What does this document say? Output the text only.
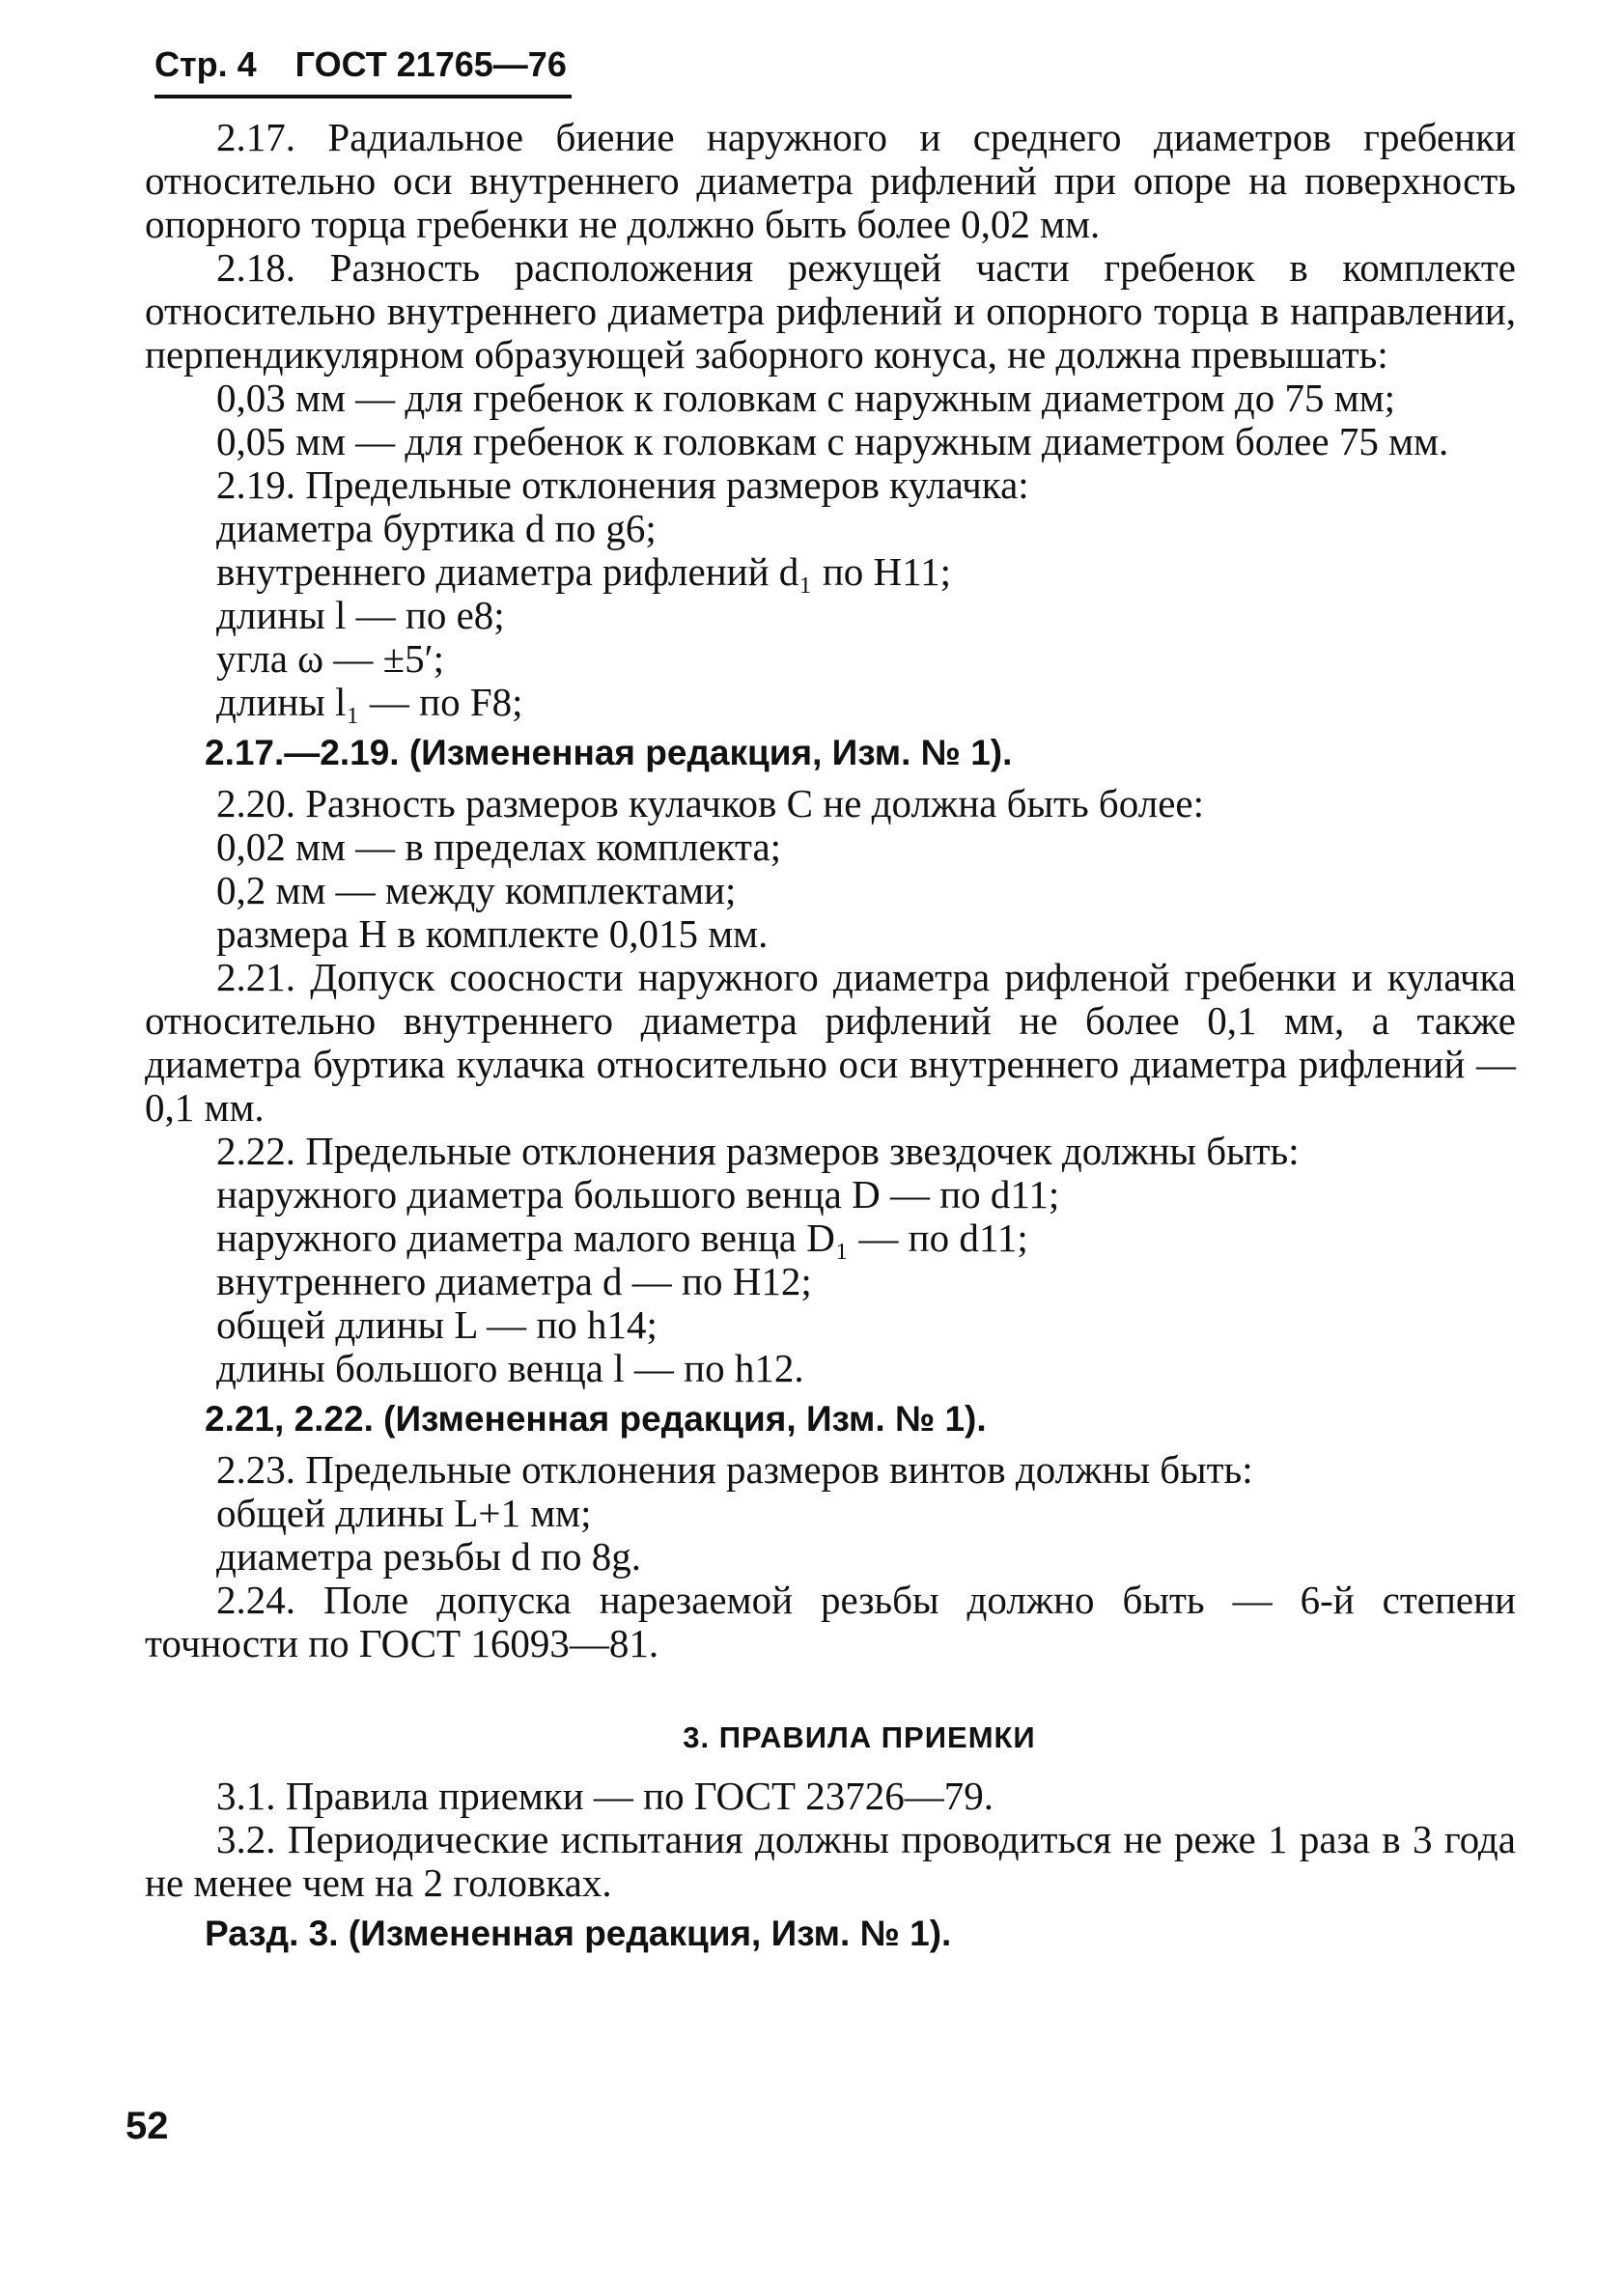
Стр. 4 ГОСТ 21765—76

2.17. Радиальное биение наружного и среднего диаметров гребенки относительно оси внутреннего диаметра рифлений при опоре на поверхность опорного торца гребенки не должно быть более 0,02 мм.

2.18. Разность расположения режущей части гребенок в комплекте относительно внутреннего диаметра рифлений и опорного торца в направлении, перпендикулярном образующей заборного конуса, не должна превышать:

0,03 мм — для гребенок к головкам с наружным диаметром до 75 мм;

0,05 мм — для гребенок к головкам с наружным диаметром более 75 мм.

2.19. Предельные отклонения размеров кулачка:

диаметра буртика d по g6;

внутреннего диаметра рифлений d₁ по H11;

длины l — по e8;

угла ω — ±5′;

длины l₁ — по F8;

2.17.—2.19. (Измененная редакция, Изм. № 1).

2.20. Разность размеров кулачков C не должна быть более:

0,02 мм — в пределах комплекта;

0,2 мм — между комплектами;

размера H в комплекте 0,015 мм.

2.21. Допуск соосности наружного диаметра рифленой гребенки и кулачка относительно внутреннего диаметра рифлений не более 0,1 мм, а также диаметра буртика кулачка относительно оси внутреннего диаметра рифлений — 0,1 мм.

2.22. Предельные отклонения размеров звездочек должны быть:

наружного диаметра большого венца D — по d11;

наружного диаметра малого венца D₁ — по d11;

внутреннего диаметра d — по H12;

общей длины L — по h14;

длины большого венца l — по h12.

2.21, 2.22. (Измененная редакция, Изм. № 1).

2.23. Предельные отклонения размеров винтов должны быть:

общей длины L+1 мм;

диаметра резьбы d по 8g.

2.24. Поле допуска нарезаемой резьбы должно быть — 6-й степени точности по ГОСТ 16093—81.

3. ПРАВИЛА ПРИЕМКИ

3.1. Правила приемки — по ГОСТ 23726—79.

3.2. Периодические испытания должны проводиться не реже 1 раза в 3 года не менее чем на 2 головках.

Разд. 3. (Измененная редакция, Изм. № 1).

52
